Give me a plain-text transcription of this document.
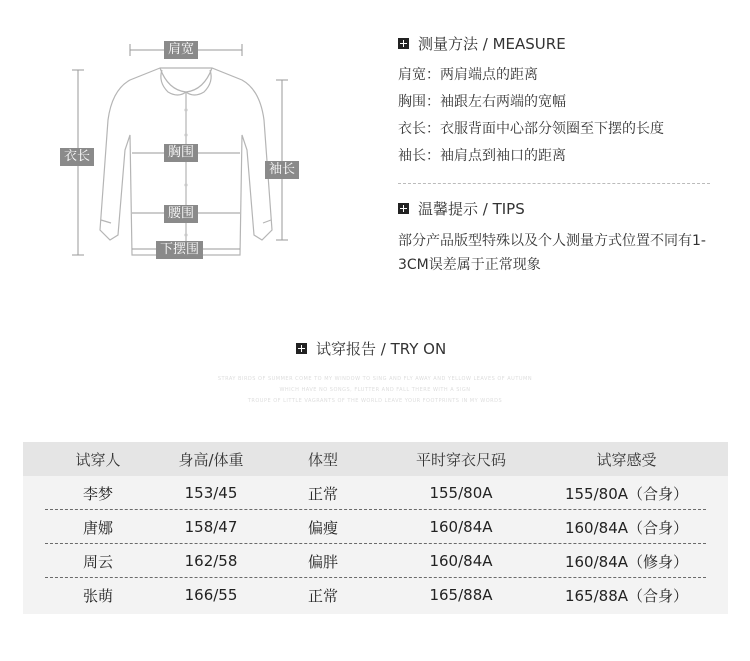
肩宽
衣长	胸围
袖长
腰围
下摆围
测量方法 / MEASURE
肩宽：两肩端点的距离
胸围：袖跟左右两端的宽幅
衣长：衣服背面中心部分领圈至下摆的长度
袖长：袖肩点到袖口的距离
温馨提示 / TIPS
部分产品版型特殊以及个人测量方式位置不同有1-3CM误差属于正常现象
试穿报告 / TRY ON
STRAY BIRDS OF SUMMER COME TO MY WINDOW TO SING AND FLY AWAY AND YELLOW LEAVES OF AUTUMN
WHICH HAVE NO SONGS, FLUTTER AND FALL THERE WITH A SIGN
TROUPE OF LITTLE VAGRANTS OF THE WORLD LEAVE YOUR FOOTPRINTS IN MY WORDS
试穿人	身高/体重	体型	平时穿衣尺码	试穿感受
李梦	153/45	正常	155/80A	155/80A（合身）
唐娜	158/47	偏瘦	160/84A	160/84A（合身）
周云	162/58	偏胖	160/84A	160/84A（修身）
张萌	166/55	正常	165/88A	165/88A（合身）
